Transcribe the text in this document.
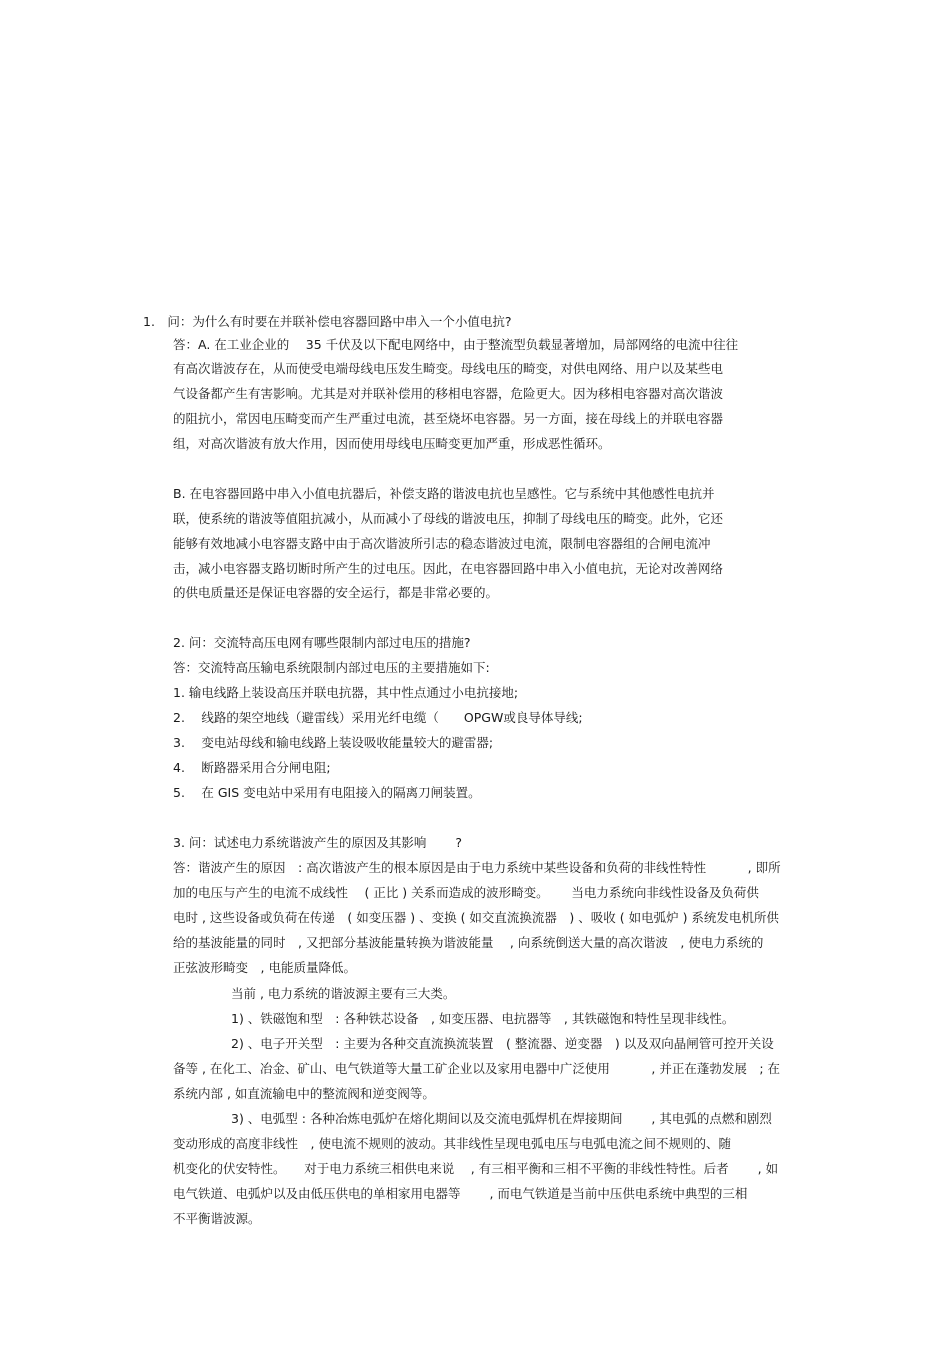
1.　问：为什么有时要在并联补偿电容器回路中串入一个小值电抗?
答：A. 在工业企业的　 35 千伏及以下配电网络中，由于整流型负载显著增加，局部网络的电流中往往
有高次谐波存在，从而使受电端母线电压发生畸变。母线电压的畸变，对供电网络、用户以及某些电
气设备都产生有害影响。尤其是对并联补偿用的移相电容器，危险更大。因为移相电容器对高次谐波
的阻抗小，常因电压畸变而产生严重过电流，甚至烧坏电容器。另一方面，接在母线上的并联电容器
组，对高次谐波有放大作用，因而使用母线电压畸变更加严重，形成恶性循环。
B. 在电容器回路中串入小值电抗器后，补偿支路的谐波电抗也呈感性。它与系统中其他感性电抗并
联，使系统的谐波等值阻抗减小，从而减小了母线的谐波电压，抑制了母线电压的畸变。此外，它还
能够有效地减小电容器支路中由于高次谐波所引志的稳态谐波过电流，限制电容器组的合闸电流冲
击，减小电容器支路切断时所产生的过电压。因此，在电容器回路中串入小值电抗，无论对改善网络
的供电质量还是保证电容器的安全运行，都是非常必要的。
2. 问：交流特高压电网有哪些限制内部过电压的措施?
答：交流特高压输电系统限制内部过电压的主要措施如下:
1. 输电线路上装设高压并联电抗器，其中性点通过小电抗接地;
2.　 线路的架空地线（避雷线）采用光纤电缆（　　OPGW或良导体导线;
3.　 变电站母线和输电线路上装设吸收能量较大的避雷器;
4.　 断路器采用合分闸电阻;
5.　 在 GIS 变电站中采用有电阻接入的隔离刀闸装置。
3. 问：试述电力系统谐波产生的原因及其影响　　 ?
答：谐波产生的原因　: 高次谐波产生的根本原因是由于电力系统中某些设备和负荷的非线性特性　　　 , 即所
加的电压与产生的电流不成线性　 ( 正比 ) 关系而造成的波形畸变。　　 当电力系统向非线性设备及负荷供
电时 , 这些设备或负荷在传递　( 如变压器 ) 、变换 ( 如交直流换流器　) 、吸收 ( 如电弧炉 ) 系统发电机所供
给的基波能量的同时　, 又把部分基波能量转换为谐波能量　 , 向系统倒送大量的高次谐波　, 使电力系统的
正弦波形畸变　, 电能质量降低。
当前 , 电力系统的谐波源主要有三大类。
1) 、铁磁饱和型　: 各种铁芯设备　, 如变压器、电抗器等　, 其铁磁饱和特性呈现非线性。
2) 、电子开关型　: 主要为各种交直流换流装置　( 整流器、逆变器　) 以及双向晶闸管可控开关设
备等 , 在化工、冶金、矿山、电气铁道等大量工矿企业以及家用电器中广泛使用　　　 , 并正在蓬勃发展　; 在
系统内部 , 如直流输电中的整流阀和逆变阀等。
3) 、电弧型 : 各种冶炼电弧炉在熔化期间以及交流电弧焊机在焊接期间　　 , 其电弧的点燃和剧烈
变动形成的高度非线性　, 使电流不规则的波动。其非线性呈现电弧电压与电弧电流之间不规则的、随
机变化的伏安特性。　　对于电力系统三相供电来说　 , 有三相平衡和三相不平衡的非线性特性。后者　　 , 如
电气铁道、电弧炉以及由低压供电的单相家用电器等　　 , 而电气铁道是当前中压供电系统中典型的三相
不平衡谐波源。
